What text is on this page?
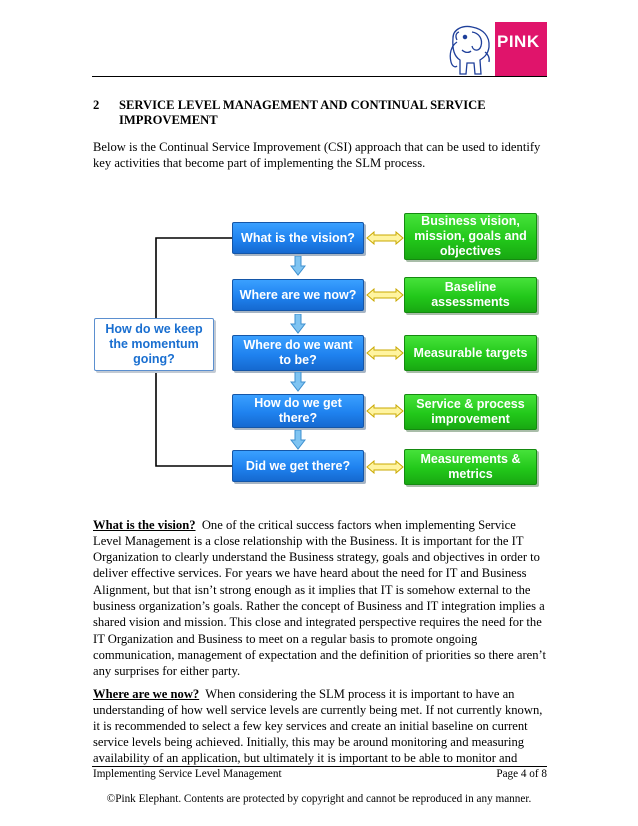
PINK
2 SERVICE LEVEL MANAGEMENT AND CONTINUAL SERVICE
IMPROVEMENT
Below is the Continual Service Improvement (CSI) approach that can be used to identify
key activities that become part of implementing the SLM process.
What is the vision?
Where are we now?
Where do we want to be?
How do we get there?
Did we get there?
Business vision, mission, goals and objectives
Baseline assessments
Measurable targets
Service & process improvement
Measurements & metrics
How do we keep the momentum going?
What is the vision? One of the critical success factors when implementing Service
Level Management is a close relationship with the Business. It is important for the IT
Organization to clearly understand the Business strategy, goals and objectives in order to
deliver effective services. For years we have heard about the need for IT and Business
Alignment, but that isn’t strong enough as it implies that IT is somehow external to the
business organization’s goals. Rather the concept of Business and IT integration implies a
shared vision and mission. This close and integrated perspective requires the need for the
IT Organization and Business to meet on a regular basis to promote ongoing
communication, management of expectation and the definition of priorities so there aren’t
any surprises for either party.
Where are we now? When considering the SLM process it is important to have an
understanding of how well service levels are currently being met. If not currently known,
it is recommended to select a few key services and create an initial baseline on current
service levels being achieved. Initially, this may be around monitoring and measuring
availability of an application, but ultimately it is important to be able to monitor and
Implementing Service Level Management	Page 4 of 8
©Pink Elephant. Contents are protected by copyright and cannot be reproduced in any manner.
